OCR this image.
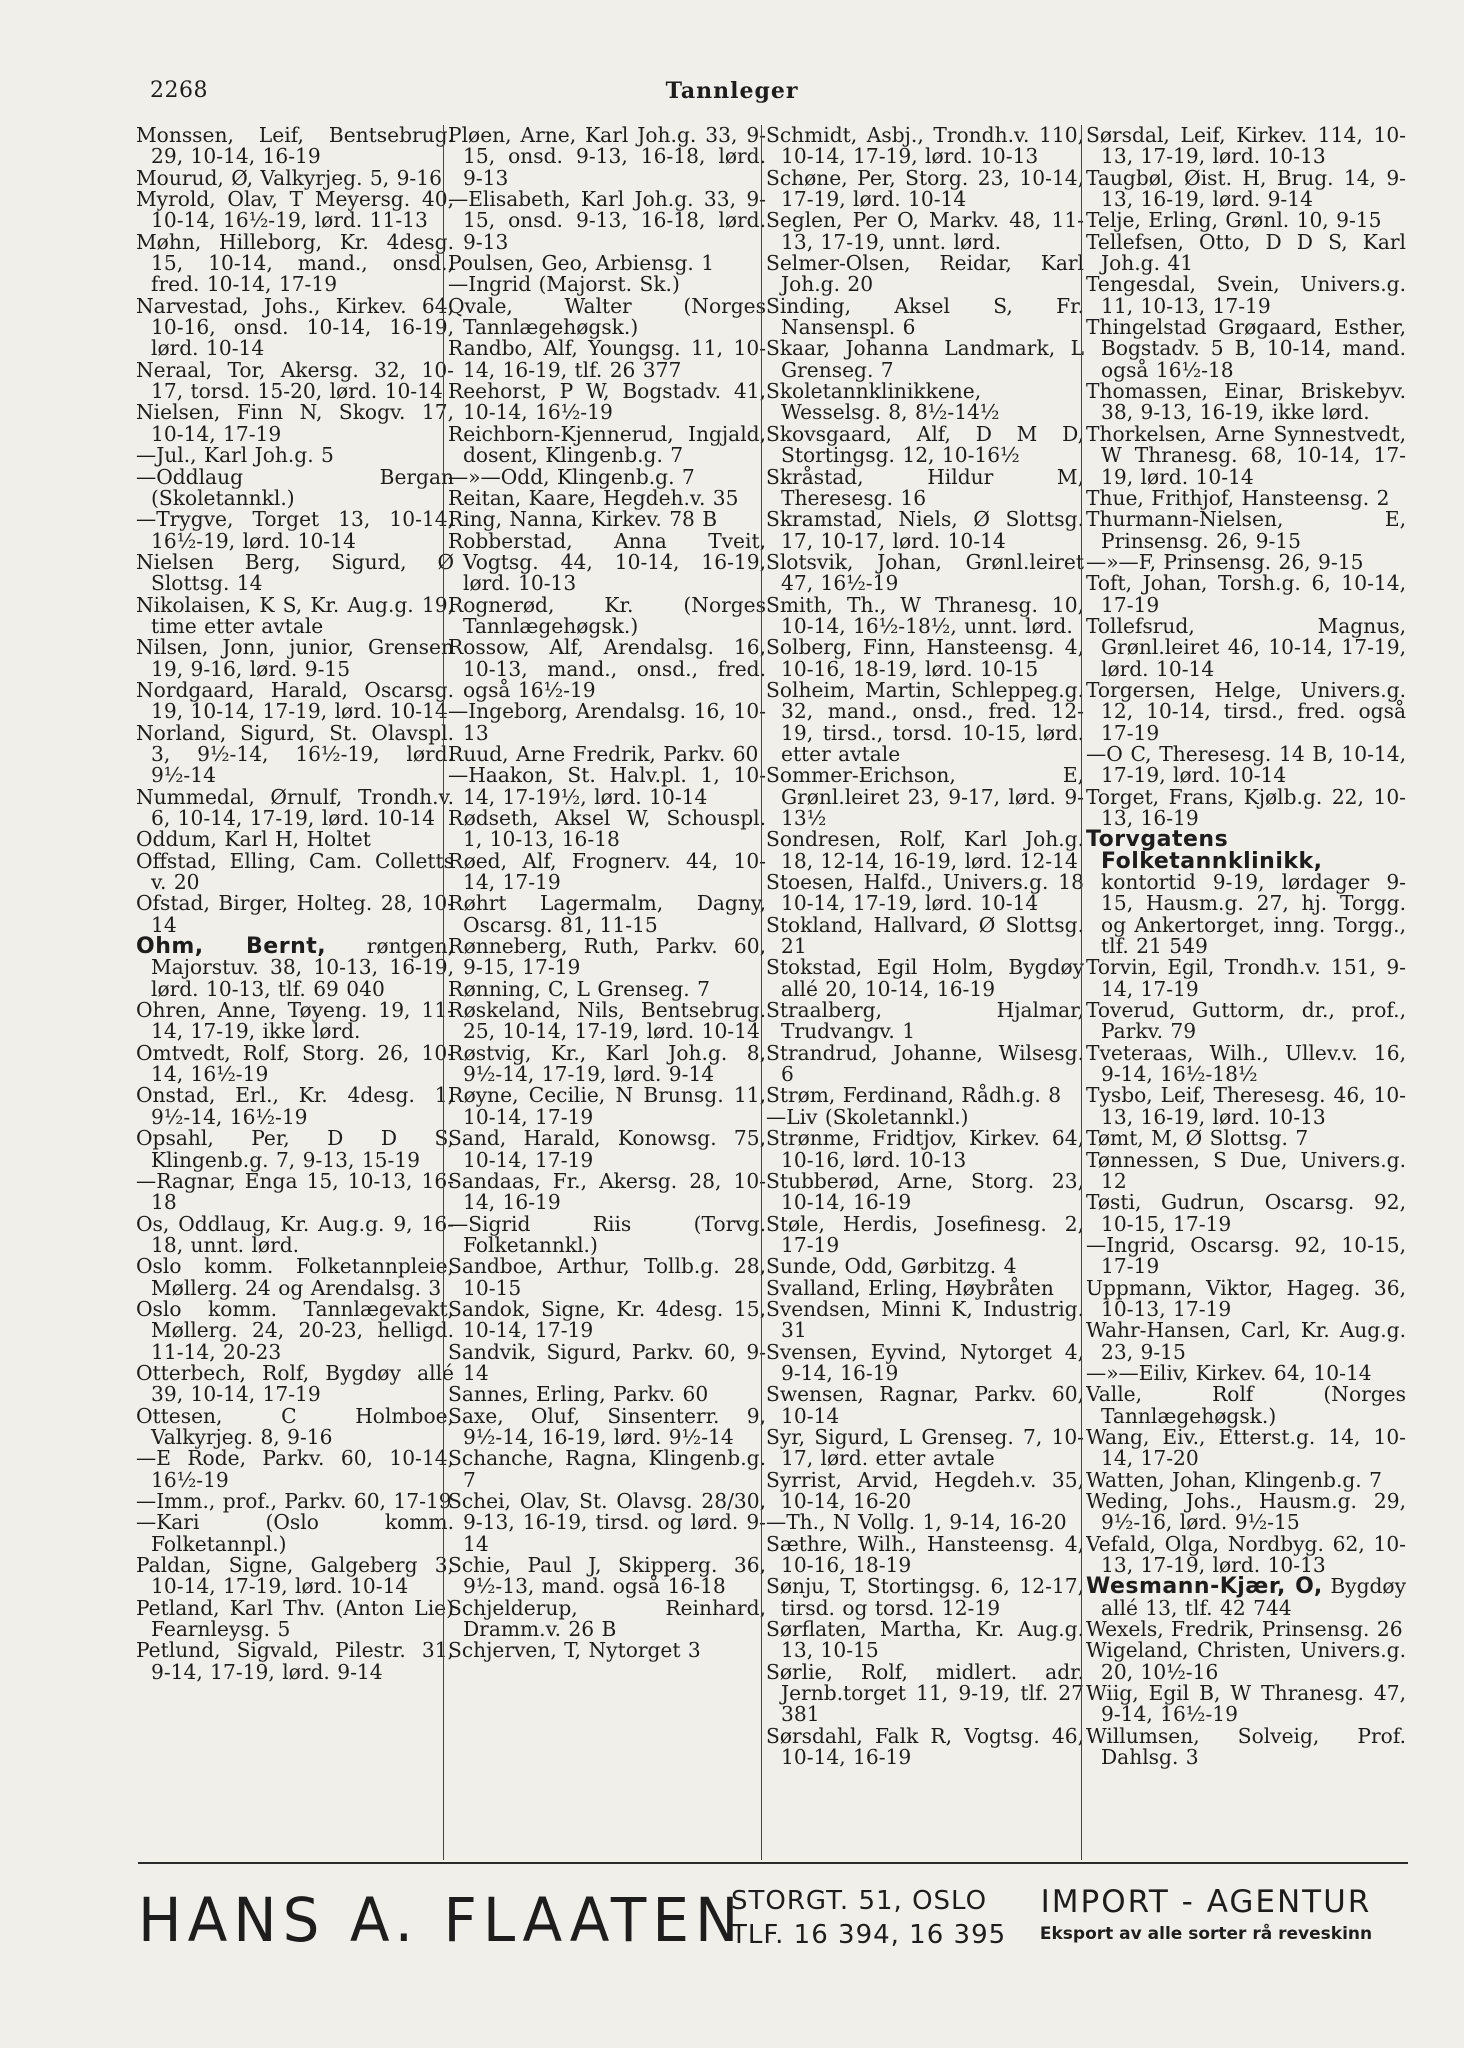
2268	Tannleger
Monssen, Leif, Bentsebrug. 29, 10-14, 16-19
Mourud, Ø, Valkyrjeg. 5, 9-16
Myrold, Olav, T Meyersg. 40, 10-14, 16½-19, lørd. 11-13
Møhn, Hilleborg, Kr. 4desg. 15, 10-14, mand., onsd., fred. 10-14, 17-19
Narvestad, Johs., Kirkev. 64, 10-16, onsd. 10-14, 16-19, lørd. 10-14
Neraal, Tor, Akersg. 32, 10-17, torsd. 15-20, lørd. 10-14
Nielsen, Finn N, Skogv. 17, 10-14, 17-19
—Jul., Karl Joh.g. 5
—Oddlaug Bergan (Skoletannkl.)
—Trygve, Torget 13, 10-14, 16½-19, lørd. 10-14
Nielsen Berg, Sigurd, Ø Slottsg. 14
Nikolaisen, K S, Kr. Aug.g. 19, time etter avtale
Nilsen, Jonn, junior, Grensen 19, 9-16, lørd. 9-15
Nordgaard, Harald, Oscarsg. 19, 10-14, 17-19, lørd. 10-14
Norland, Sigurd, St. Olavspl. 3, 9½-14, 16½-19, lørd. 9½-14
Nummedal, Ørnulf, Trondh.v. 6, 10-14, 17-19, lørd. 10-14
Oddum, Karl H, Holtet
Offstad, Elling, Cam. Colletts v. 20
Ofstad, Birger, Holteg. 28, 10-14
Ohm, Bernt, røntgen, Majorstuv. 38, 10-13, 16-19, lørd. 10-13, tlf. 69 040
Ohren, Anne, Tøyeng. 19, 11-14, 17-19, ikke lørd.
Omtvedt, Rolf, Storg. 26, 10-14, 16½-19
Onstad, Erl., Kr. 4desg. 1, 9½-14, 16½-19
Opsahl, Per, D D S, Klingenb.g. 7, 9-13, 15-19
—Ragnar, Enga 15, 10-13, 16-18
Os, Oddlaug, Kr. Aug.g. 9, 16-18, unnt. lørd.
Oslo komm. Folketannpleie, Møllerg. 24 og Arendalsg. 3
Oslo komm. Tannlægevakt, Møllerg. 24, 20-23, helligd. 11-14, 20-23
Otterbech, Rolf, Bygdøy allé 39, 10-14, 17-19
Ottesen, C Holmboe, Valkyrjeg. 8, 9-16
—E Rode, Parkv. 60, 10-14, 16½-19
—Imm., prof., Parkv. 60, 17-19
—Kari (Oslo komm. Folketannpl.)
Paldan, Signe, Galgeberg 3, 10-14, 17-19, lørd. 10-14
Petland, Karl Thv. (Anton Lie) Fearnleysg. 5
Petlund, Sigvald, Pilestr. 31, 9-14, 17-19, lørd. 9-14
Pløen, Arne, Karl Joh.g. 33, 9-15, onsd. 9-13, 16-18, lørd. 9-13
—Elisabeth, Karl Joh.g. 33, 9-15, onsd. 9-13, 16-18, lørd. 9-13
Poulsen, Geo, Arbiensg. 1
—Ingrid (Majorst. Sk.)
Qvale, Walter (Norges Tannlægehøgsk.)
Randbo, Alf, Youngsg. 11, 10-14, 16-19, tlf. 26 377
Reehorst, P W, Bogstadv. 41, 10-14, 16½-19
Reichborn-Kjennerud, Ingjald, dosent, Klingenb.g. 7
—»—Odd, Klingenb.g. 7
Reitan, Kaare, Hegdeh.v. 35
Ring, Nanna, Kirkev. 78 B
Robberstad, Anna Tveit, Vogtsg. 44, 10-14, 16-19, lørd. 10-13
Rognerød, Kr. (Norges Tannlægehøgsk.)
Rossow, Alf, Arendalsg. 16, 10-13, mand., onsd., fred. også 16½-19
—Ingeborg, Arendalsg. 16, 10-13
Ruud, Arne Fredrik, Parkv. 60
—Haakon, St. Halv.pl. 1, 10-14, 17-19½, lørd. 10-14
Rødseth, Aksel W, Schouspl. 1, 10-13, 16-18
Røed, Alf, Frognerv. 44, 10-14, 17-19
Røhrt Lagermalm, Dagny, Oscarsg. 81, 11-15
Rønneberg, Ruth, Parkv. 60, 9-15, 17-19
Rønning, C, L Grenseg. 7
Røskeland, Nils, Bentsebrug. 25, 10-14, 17-19, lørd. 10-14
Røstvig, Kr., Karl Joh.g. 8, 9½-14, 17-19, lørd. 9-14
Røyne, Cecilie, N Brunsg. 11, 10-14, 17-19
Sand, Harald, Konowsg. 75, 10-14, 17-19
Sandaas, Fr., Akersg. 28, 10-14, 16-19
—Sigrid Riis (Torvg. Folketannkl.)
Sandboe, Arthur, Tollb.g. 28, 10-15
Sandok, Signe, Kr. 4desg. 15, 10-14, 17-19
Sandvik, Sigurd, Parkv. 60, 9-14
Sannes, Erling, Parkv. 60
Saxe, Oluf, Sinsenterr. 9, 9½-14, 16-19, lørd. 9½-14
Schanche, Ragna, Klingenb.g. 7
Schei, Olav, St. Olavsg. 28/30, 9-13, 16-19, tirsd. og lørd. 9-14
Schie, Paul J, Skipperg. 36, 9½-13, mand. også 16-18
Schjelderup, Reinhard, Dramm.v. 26 B
Schjerven, T, Nytorget 3
Schmidt, Asbj., Trondh.v. 110, 10-14, 17-19, lørd. 10-13
Schøne, Per, Storg. 23, 10-14, 17-19, lørd. 10-14
Seglen, Per O, Markv. 48, 11-13, 17-19, unnt. lørd.
Selmer-Olsen, Reidar, Karl Joh.g. 20
Sinding, Aksel S, Fr. Nansenspl. 6
Skaar, Johanna Landmark, L Grenseg. 7
Skoletannklinikkene, Wesselsg. 8, 8½-14½
Skovsgaard, Alf, D M D, Stortingsg. 12, 10-16½
Skråstad, Hildur M, Theresesg. 16
Skramstad, Niels, Ø Slottsg. 17, 10-17, lørd. 10-14
Slotsvik, Johan, Grønl.leiret 47, 16½-19
Smith, Th., W Thranesg. 10, 10-14, 16½-18½, unnt. lørd.
Solberg, Finn, Hansteensg. 4, 10-16, 18-19, lørd. 10-15
Solheim, Martin, Schleppeg.g. 32, mand., onsd., fred. 12-19, tirsd., torsd. 10-15, lørd. etter avtale
Sommer-Erichson, E, Grønl.leiret 23, 9-17, lørd. 9-13½
Sondresen, Rolf, Karl Joh.g. 18, 12-14, 16-19, lørd. 12-14
Stoesen, Halfd., Univers.g. 18 10-14, 17-19, lørd. 10-14
Stokland, Hallvard, Ø Slottsg. 21
Stokstad, Egil Holm, Bygdøy allé 20, 10-14, 16-19
Straalberg, Hjalmar, Trudvangv. 1
Strandrud, Johanne, Wilsesg. 6
Strøm, Ferdinand, Rådh.g. 8
—Liv (Skoletannkl.)
Strønme, Fridtjov, Kirkev. 64, 10-16, lørd. 10-13
Stubberød, Arne, Storg. 23, 10-14, 16-19
Støle, Herdis, Josefinesg. 2, 17-19
Sunde, Odd, Gørbitzg. 4
Svalland, Erling, Høybråten
Svendsen, Minni K, Industrig. 31
Svensen, Eyvind, Nytorget 4, 9-14, 16-19
Swensen, Ragnar, Parkv. 60, 10-14
Syr, Sigurd, L Grenseg. 7, 10-17, lørd. etter avtale
Syrrist, Arvid, Hegdeh.v. 35, 10-14, 16-20
—Th., N Vollg. 1, 9-14, 16-20
Sæthre, Wilh., Hansteensg. 4, 10-16, 18-19
Sønju, T, Stortingsg. 6, 12-17, tirsd. og torsd. 12-19
Sørflaten, Martha, Kr. Aug.g. 13, 10-15
Sørlie, Rolf, midlert. adr. Jernb.torget 11, 9-19, tlf. 27 381
Sørsdahl, Falk R, Vogtsg. 46, 10-14, 16-19
Sørsdal, Leif, Kirkev. 114, 10-13, 17-19, lørd. 10-13
Taugbøl, Øist. H, Brug. 14, 9-13, 16-19, lørd. 9-14
Telje, Erling, Grønl. 10, 9-15
Tellefsen, Otto, D D S, Karl Joh.g. 41
Tengesdal, Svein, Univers.g. 11, 10-13, 17-19
Thingelstad Grøgaard, Esther, Bogstadv. 5 B, 10-14, mand. også 16½-18
Thomassen, Einar, Briskebyv. 38, 9-13, 16-19, ikke lørd.
Thorkelsen, Arne Synnestvedt, W Thranesg. 68, 10-14, 17-19, lørd. 10-14
Thue, Frithjof, Hansteensg. 2
Thurmann-Nielsen, E, Prinsensg. 26, 9-15
—»—F, Prinsensg. 26, 9-15
Toft, Johan, Torsh.g. 6, 10-14, 17-19
Tollefsrud, Magnus, Grønl.leiret 46, 10-14, 17-19, lørd. 10-14
Torgersen, Helge, Univers.g. 12, 10-14, tirsd., fred. også 17-19
—O C, Theresesg. 14 B, 10-14, 17-19, lørd. 10-14
Torget, Frans, Kjølb.g. 22, 10-13, 16-19
Torvgatens Folketannklinikk, kontortid 9-19, lørdager 9-15, Hausm.g. 27, hj. Torgg. og Ankertorget, inng. Torgg., tlf. 21 549
Torvin, Egil, Trondh.v. 151, 9-14, 17-19
Toverud, Guttorm, dr., prof., Parkv. 79
Tveteraas, Wilh., Ullev.v. 16, 9-14, 16½-18½
Tysbo, Leif, Theresesg. 46, 10-13, 16-19, lørd. 10-13
Tømt, M, Ø Slottsg. 7
Tønnessen, S Due, Univers.g. 12
Tøsti, Gudrun, Oscarsg. 92, 10-15, 17-19
—Ingrid, Oscarsg. 92, 10-15, 17-19
Uppmann, Viktor, Hageg. 36, 10-13, 17-19
Wahr-Hansen, Carl, Kr. Aug.g. 23, 9-15
—»—Eiliv, Kirkev. 64, 10-14
Valle, Rolf (Norges Tannlægehøgsk.)
Wang, Eiv., Etterst.g. 14, 10-14, 17-20
Watten, Johan, Klingenb.g. 7
Weding, Johs., Hausm.g. 29, 9½-16, lørd. 9½-15
Vefald, Olga, Nordbyg. 62, 10-13, 17-19, lørd. 10-13
Wesmann-Kjær, O, Bygdøy allé 13, tlf. 42 744
Wexels, Fredrik, Prinsensg. 26
Wigeland, Christen, Univers.g. 20, 10½-16
Wiig, Egil B, W Thranesg. 47, 9-14, 16½-19
Willumsen, Solveig, Prof. Dahlsg. 3
HANS A. FLAATEN
STORGT. 51, OSLO
TLF. 16 394, 16 395
IMPORT - AGENTUR
Eksport av alle sorter rå reveskinn
